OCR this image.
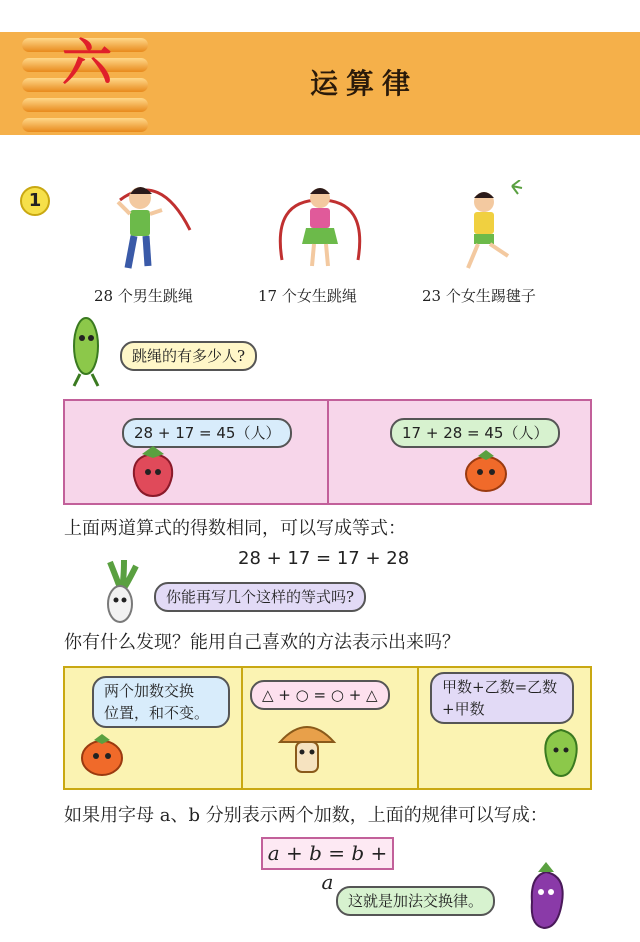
六	运算律
1
28 个男生跳绳	17 个女生跳绳	23 个女生踢毽子
跳绳的有多少人?
28 + 17 = 45（人）	17 + 28 = 45（人）
上面两道算式的得数相同，可以写成等式：
28 + 17 = 17 + 28
你能再写几个这样的等式吗?
你有什么发现？能用自己喜欢的方法表示出来吗？
两个加数交换
位置，和不变。
△ + ○ = ○ + △	甲数+乙数=乙数
+甲数
如果用字母 a、b 分别表示两个加数，上面的规律可以写成：
a + b = b + a
这就是加法交换律。
